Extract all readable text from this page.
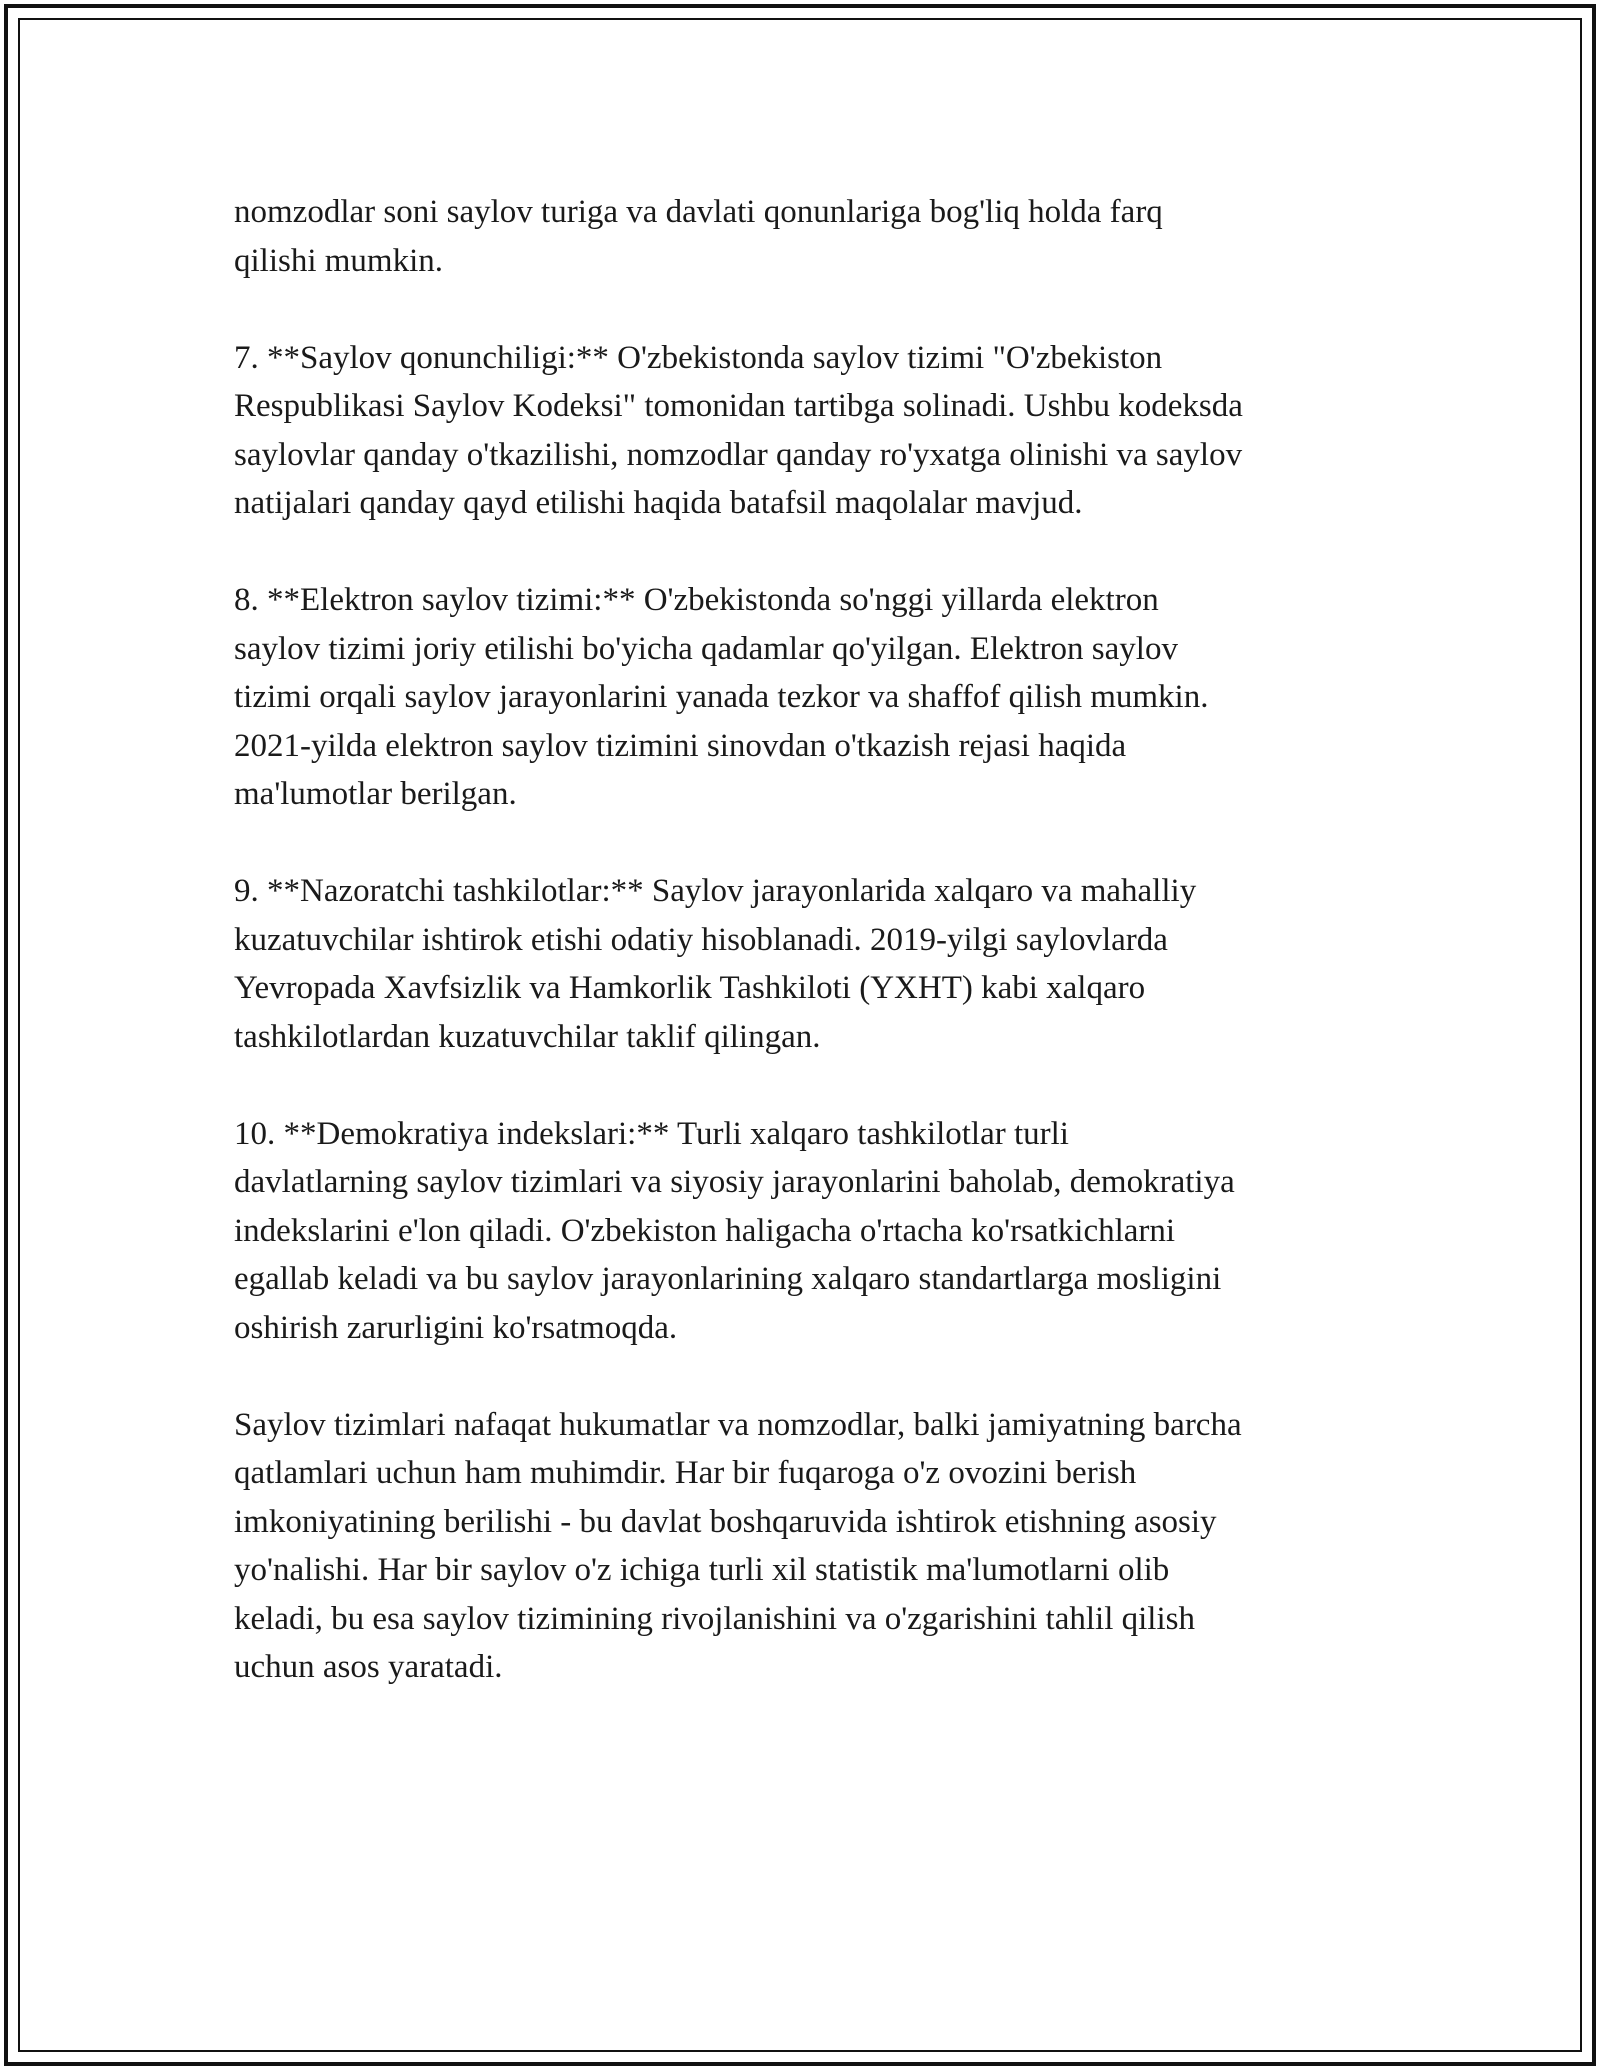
nomzodlar soni saylov turiga va davlati qonunlariga bog'liq holda farq
qilishi mumkin.

7. **Saylov qonunchiligi:** O'zbekistonda saylov tizimi "O'zbekiston
Respublikasi Saylov Kodeksi" tomonidan tartibga solinadi. Ushbu kodeksda
saylovlar qanday o'tkazilishi, nomzodlar qanday ro'yxatga olinishi va saylov
natijalari qanday qayd etilishi haqida batafsil maqolalar mavjud.

8. **Elektron saylov tizimi:** O'zbekistonda so'nggi yillarda elektron
saylov tizimi joriy etilishi bo'yicha qadamlar qo'yilgan. Elektron saylov
tizimi orqali saylov jarayonlarini yanada tezkor va shaffof qilish mumkin.
2021-yilda elektron saylov tizimini sinovdan o'tkazish rejasi haqida
ma'lumotlar berilgan.

9. **Nazoratchi tashkilotlar:** Saylov jarayonlarida xalqaro va mahalliy
kuzatuvchilar ishtirok etishi odatiy hisoblanadi. 2019-yilgi saylovlarda
Yevropada Xavfsizlik va Hamkorlik Tashkiloti (YXHT) kabi xalqaro
tashkilotlardan kuzatuvchilar taklif qilingan.

10. **Demokratiya indekslari:** Turli xalqaro tashkilotlar turli
davlatlarning saylov tizimlari va siyosiy jarayonlarini baholab, demokratiya
indekslarini e'lon qiladi. O'zbekiston haligacha o'rtacha ko'rsatkichlarni
egallab keladi va bu saylov jarayonlarining xalqaro standartlarga mosligini
oshirish zarurligini ko'rsatmoqda.

Saylov tizimlari nafaqat hukumatlar va nomzodlar, balki jamiyatning barcha
qatlamlari uchun ham muhimdir. Har bir fuqaroga o'z ovozini berish
imkoniyatining berilishi - bu davlat boshqaruvida ishtirok etishning asosiy
yo'nalishi. Har bir saylov o'z ichiga turli xil statistik ma'lumotlarni olib
keladi, bu esa saylov tizimining rivojlanishini va o'zgarishini tahlil qilish
uchun asos yaratadi.
